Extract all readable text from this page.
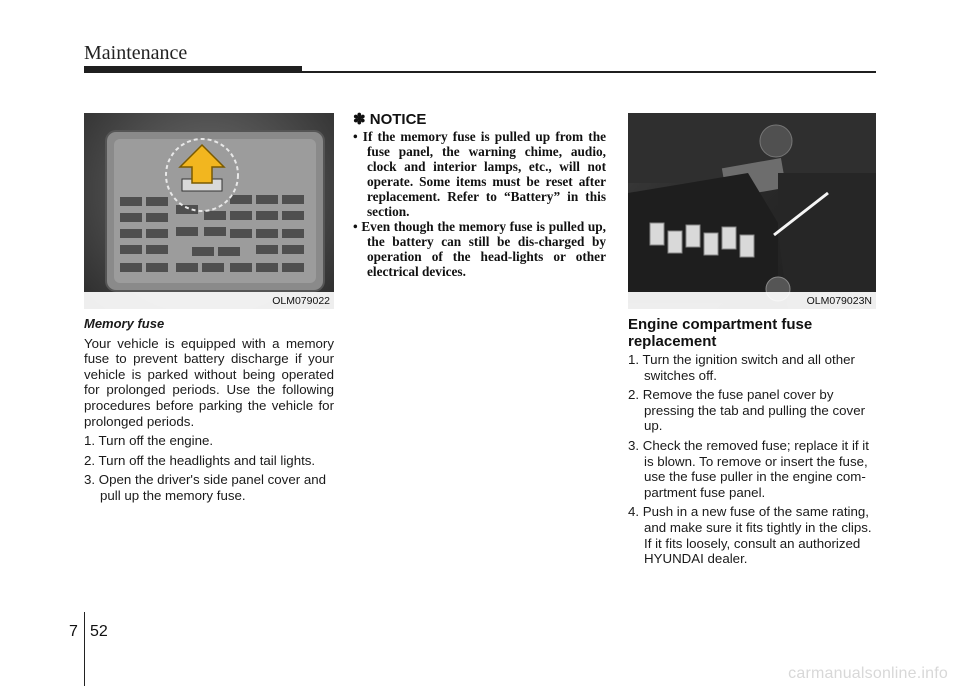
Maintenance
OLM079022
Memory fuse

Your vehicle is equipped with a memory fuse to prevent battery discharge if your vehicle is parked without being operated for prolonged periods. Use the following procedures before parking the vehicle for prolonged periods.

1. Turn off the engine.
2. Turn off the headlights and tail lights.
3. Open the driver's side panel cover and pull up the memory fuse.
✽ NOTICE
• If the memory fuse is pulled up from the fuse panel, the warning chime, audio, clock and interior lamps, etc., will not operate. Some items must be reset after replacement. Refer to “Battery” in this section.
• Even though the memory fuse is pulled up, the battery can still be dis-charged by operation of the head-lights or other electrical devices.
OLM079023N
Engine compartment fuse replacement
1. Turn the ignition switch and all other switches off.
2. Remove the fuse panel cover by pressing the tab and pulling the cover up.
3. Check the removed fuse; replace it if it is blown. To remove or insert the fuse, use the fuse puller in the engine com-partment fuse panel.
4. Push in a new fuse of the same rating, and make sure it fits tightly in the clips. If it fits loosely, consult an authorized HYUNDAI dealer.
7 52
carmanualsonline.info
